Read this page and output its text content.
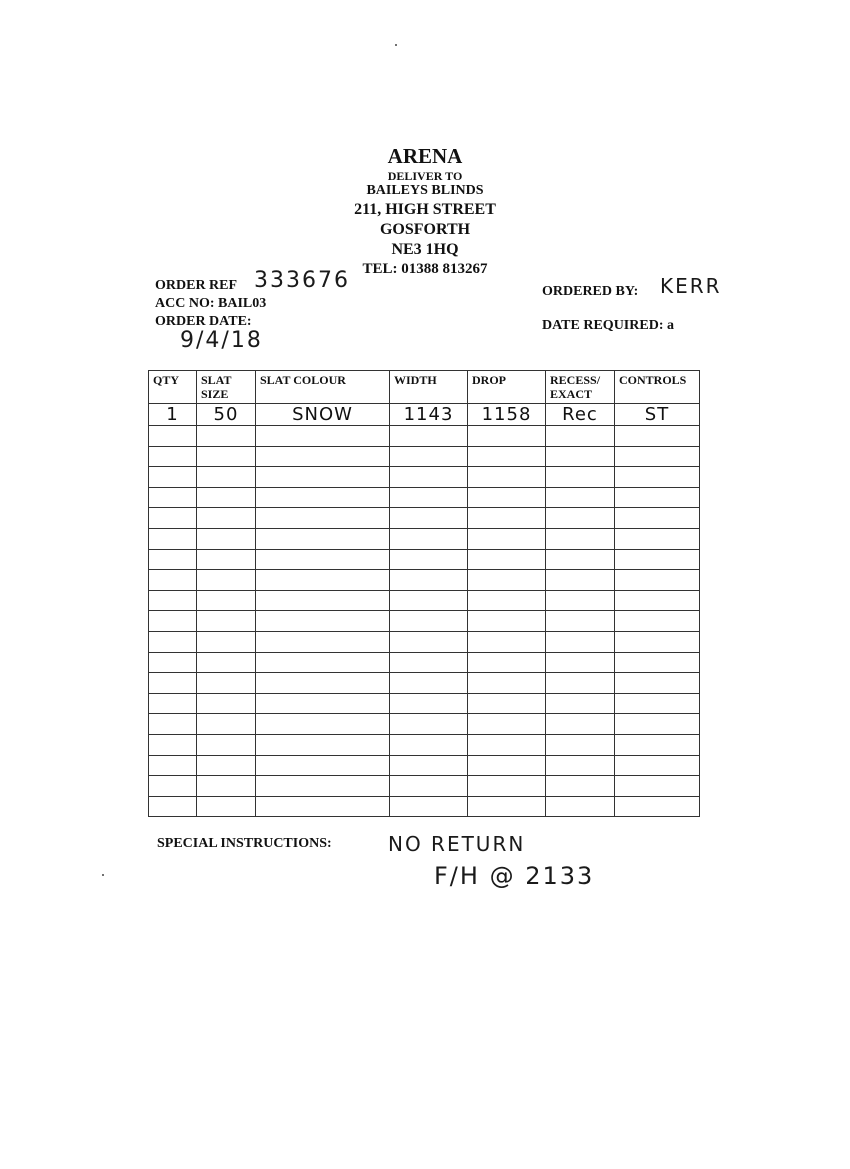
ARENA
DELIVER TO
BAILEYS BLINDS
211, HIGH STREET
GOSFORTH
NE3 1HQ
TEL: 01388 813267
ORDER REF 333676
ACC NO: BAIL03
ORDER DATE:
9/4/18
ORDERED BY: KERR
DATE REQUIRED: a
QTY	SLAT SIZE	SLAT COLOUR	WIDTH	DROP	RECESS/ EXACT	CONTROLS
1	50	SNOW	1143	1158	Rec	ST

SPECIAL INSTRUCTIONS:	NO RETURN
F/H @ 2133
